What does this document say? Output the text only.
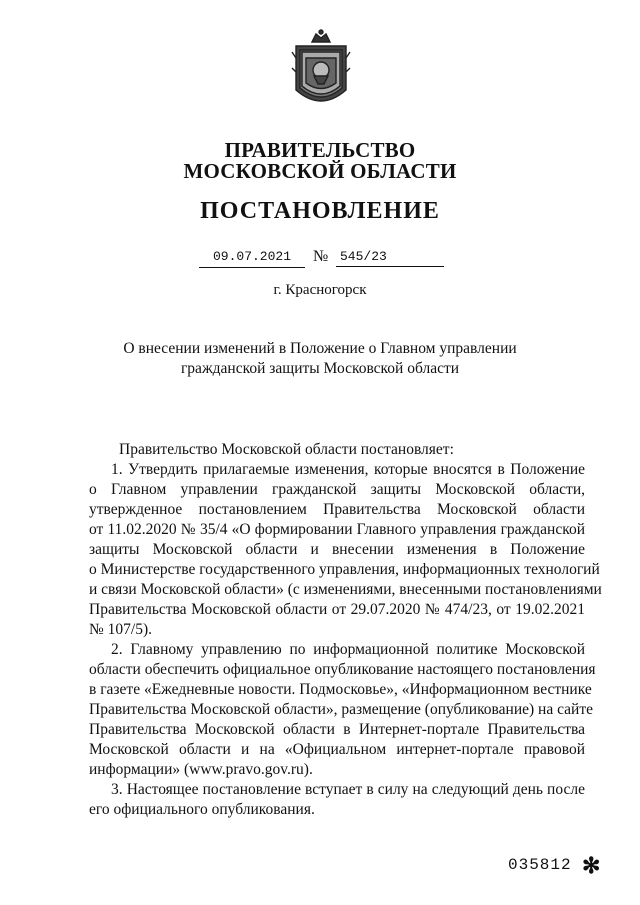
ПРАВИТЕЛЬСТВО
МОСКОВСКОЙ ОБЛАСТИ
ПОСТАНОВЛЕНИЕ
09.07.2021	№ 545/23
г. Красногорск
О внесении изменений в Положение о Главном управлении
гражданской защиты Московской области
Правительство Московской области постановляет:
1. Утвердить прилагаемые изменения, которые вносятся в Положение
о Главном управлении гражданской защиты Московской области,
утвержденное постановлением Правительства Московской области
от 11.02.2020 № 35/4 «О формировании Главного управления гражданской
защиты Московской области и внесении изменения в Положение
о Министерстве государственного управления, информационных технологий
и связи Московской области» (с изменениями, внесенными постановлениями
Правительства Московской области от 29.07.2020 № 474/23, от 19.02.2021
№ 107/5).
2. Главному управлению по информационной политике Московской
области обеспечить официальное опубликование настоящего постановления
в газете «Ежедневные новости. Подмосковье», «Информационном вестнике
Правительства Московской области», размещение (опубликование) на сайте
Правительства Московской области в Интернет-портале Правительства
Московской области и на «Официальном интернет-портале правовой
информации» (www.pravo.gov.ru).
3. Настоящее постановление вступает в силу на следующий день после
его официального опубликования.
035812 ✻
